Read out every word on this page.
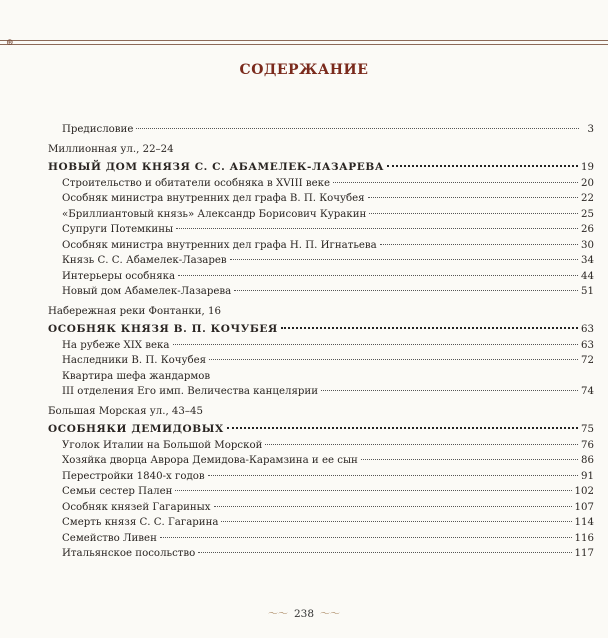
⊛
СОДЕРЖАНИЕ
Предисловие	3
Миллионная ул., 22–24
НОВЫЙ ДОМ КНЯЗЯ С. С. АБАМЕЛЕК-ЛАЗАРЕВА	19
Строительство и обитатели особняка в XVIII веке	20
Особняк министра внутренних дел графа В. П. Кочубея	22
«Бриллиантовый князь» Александр Борисович Куракин	25
Супруги Потемкины	26
Особняк министра внутренних дел графа Н. П. Игнатьева	30
Князь С. С. Абамелек-Лазарев	34
Интерьеры особняка	44
Новый дом Абамелек-Лазарева	51
Набережная реки Фонтанки, 16
ОСОБНЯК КНЯЗЯ В. П. КОЧУБЕЯ	63
На рубеже XIX века	63
Наследники В. П. Кочубея	72
Квартира шефа жандармов
III отделения Его имп. Величества канцелярии	74
Большая Морская ул., 43–45
ОСОБНЯКИ ДЕМИДОВЫХ	75
Уголок Италии на Большой Морской	76
Хозяйка дворца Аврора Демидова-Карамзина и ее сын	86
Перестройки 1840-х годов	91
Семьи сестер Пален	102
Особняк князей Гагариных	107
Смерть князя С. С. Гагарина	114
Семейство Ливен	116
Итальянское посольство	117
〜〜 238 〜〜
